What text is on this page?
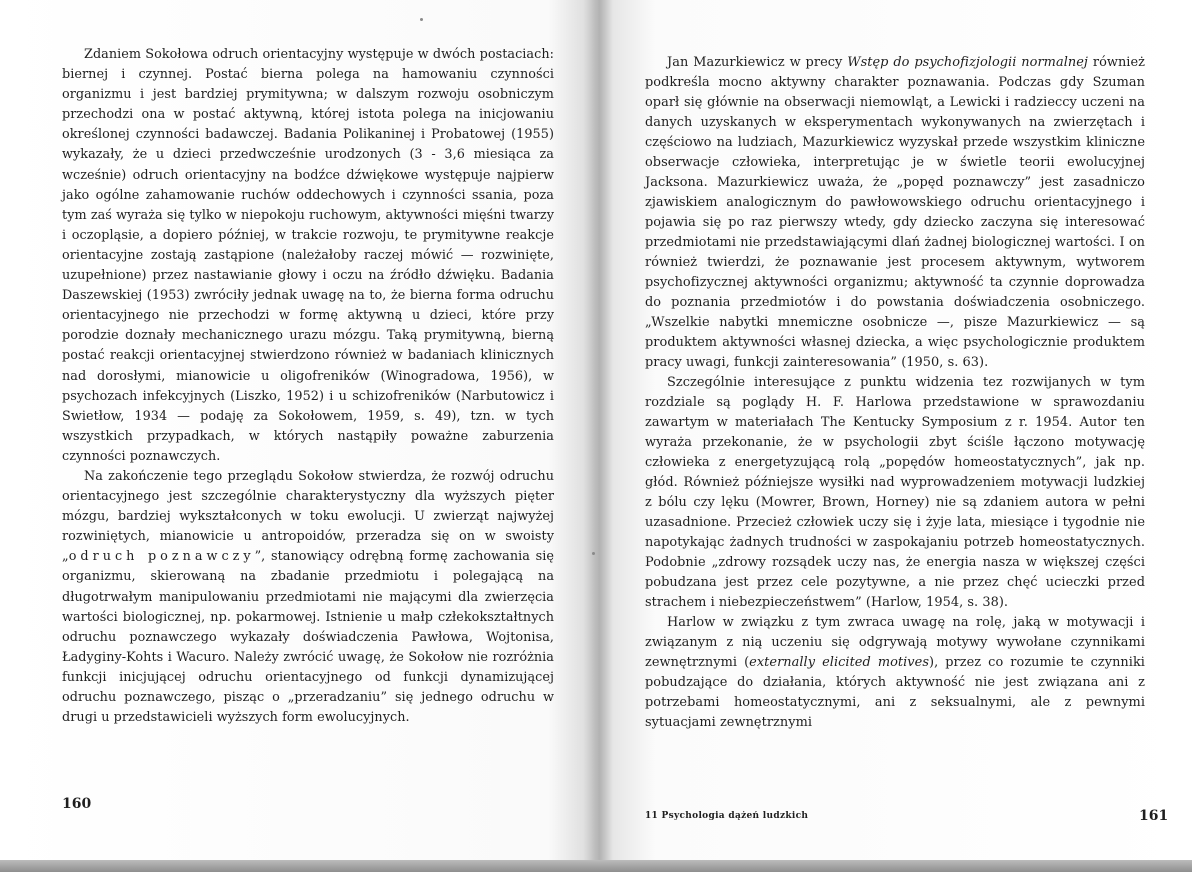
Zdaniem Sokołowa odruch orientacyjny występuje w dwóch postaciach: biernej i czynnej. Postać bierna polega na hamowaniu czynności organizmu i jest bardziej prymitywna; w dalszym rozwoju osobniczym przechodzi ona w postać aktywną, której istota polega na inicjowaniu określonej czynności badawczej. Badania Polikaninej i Probatowej (1955) wykazały, że u dzieci przedwcześnie urodzonych (3 - 3,6 miesiąca za wcześnie) odruch orientacyjny na bodźce dźwiękowe występuje najpierw jako ogólne zahamowanie ruchów oddechowych i czynności ssania, poza tym zaś wyraża się tylko w niepokoju ruchowym, aktywności mięśni twarzy i oczopląsie, a dopiero później, w trakcie rozwoju, te prymitywne reakcje orientacyjne zostają zastąpione (należałoby raczej mówić — rozwinięte, uzupełnione) przez nastawianie głowy i oczu na źródło dźwięku. Badania Daszewskiej (1953) zwróciły jednak uwagę na to, że bierna forma odruchu orientacyjnego nie przechodzi w formę aktywną u dzieci, które przy porodzie doznały mechanicznego urazu mózgu. Taką prymitywną, bierną postać reakcji orientacyjnej stwierdzono również w badaniach klinicznych nad dorosłymi, mianowicie u oligofreników (Winogradowa, 1956), w psychozach infekcyjnych (Liszko, 1952) i u schizofreników (Narbutowicz i Swietłow, 1934 — podaję za Sokołowem, 1959, s. 49), tzn. w tych wszystkich przypadkach, w których nastąpiły poważne zaburzenia czynności poznawczych.

Na zakończenie tego przeglądu Sokołow stwierdza, że rozwój odruchu orientacyjnego jest szczególnie charakterystyczny dla wyższych pięter mózgu, bardziej wykształconych w toku ewolucji. U zwierząt najwyżej rozwiniętych, mianowicie u antropoidów, przeradza się on w swoisty „odruch poznawczy”, stanowiący odrębną formę zachowania się organizmu, skierowaną na zbadanie przedmiotu i polegającą na długotrwałym manipulowaniu przedmiotami nie mającymi dla zwierzęcia wartości biologicznej, np. pokarmowej. Istnienie u małp człekokształtnych odruchu poznawczego wykazały doświadczenia Pawłowa, Wojtonisa, Ładyginy-Kohts i Wacuro. Należy zwrócić uwagę, że Sokołow nie rozróżnia funkcji inicjującej odruchu orientacyjnego od funkcji dynamizującej odruchu poznawczego, pisząc o „przeradzaniu” się jednego odruchu w drugi u przedstawicieli wyższych form ewolucyjnych.

160

Jan Mazurkiewicz w precy Wstęp do psychofizjologii normalnej również podkreśla mocno aktywny charakter poznawania. Podczas gdy Szuman oparł się głównie na obserwacji niemowląt, a Lewicki i radzieccy uczeni na danych uzyskanych w eksperymentach wykonywanych na zwierzętach i częściowo na ludziach, Mazurkiewicz wyzyskał przede wszystkim kliniczne obserwacje człowieka, interpretując je w świetle teorii ewolucyjnej Jacksona. Mazurkiewicz uważa, że „popęd poznawczy” jest zasadniczo zjawiskiem analogicznym do pawłowowskiego odruchu orientacyjnego i pojawia się po raz pierwszy wtedy, gdy dziecko zaczyna się interesować przedmiotami nie przedstawiającymi dlań żadnej biologicznej wartości. I on również twierdzi, że poznawanie jest procesem aktywnym, wytworem psychofizycznej aktywności organizmu; aktywność ta czynnie doprowadza do poznania przedmiotów i do powstania doświadczenia osobniczego. „Wszelkie nabytki mnemiczne osobnicze —, pisze Mazurkiewicz — są produktem aktywności własnej dziecka, a więc psychologicznie produktem pracy uwagi, funkcji zainteresowania” (1950, s. 63).

Szczególnie interesujące z punktu widzenia tez rozwijanych w tym rozdziale są poglądy H. F. Harlowa przedstawione w sprawozdaniu zawartym w materiałach The Kentucky Symposium z r. 1954. Autor ten wyraża przekonanie, że w psychologii zbyt ściśle łączono motywację człowieka z energetyzującą rolą „popędów homeostatycznych”, jak np. głód. Również późniejsze wysiłki nad wyprowadzeniem motywacji ludzkiej z bólu czy lęku (Mowrer, Brown, Horney) nie są zdaniem autora w pełni uzasadnione. Przecież człowiek uczy się i żyje lata, miesiące i tygodnie nie napotykając żadnych trudności w zaspokajaniu potrzeb homeostatycznych. Podobnie „zdrowy rozsądek uczy nas, że energia nasza w większej części pobudzana jest przez cele pozytywne, a nie przez chęć ucieczki przed strachem i niebezpieczeństwem” (Harlow, 1954, s. 38).

Harlow w związku z tym zwraca uwagę na rolę, jaką w motywacji i związanym z nią uczeniu się odgrywają motywy wywołane czynnikami zewnętrznymi (externally elicited motives), przez co rozumie te czynniki pobudzające do działania, których aktywność nie jest związana ani z potrzebami homeostatycznymi, ani z seksualnymi, ale z pewnymi sytuacjami zewnętrznymi

11 Psychologia dążeń ludzkich	161
